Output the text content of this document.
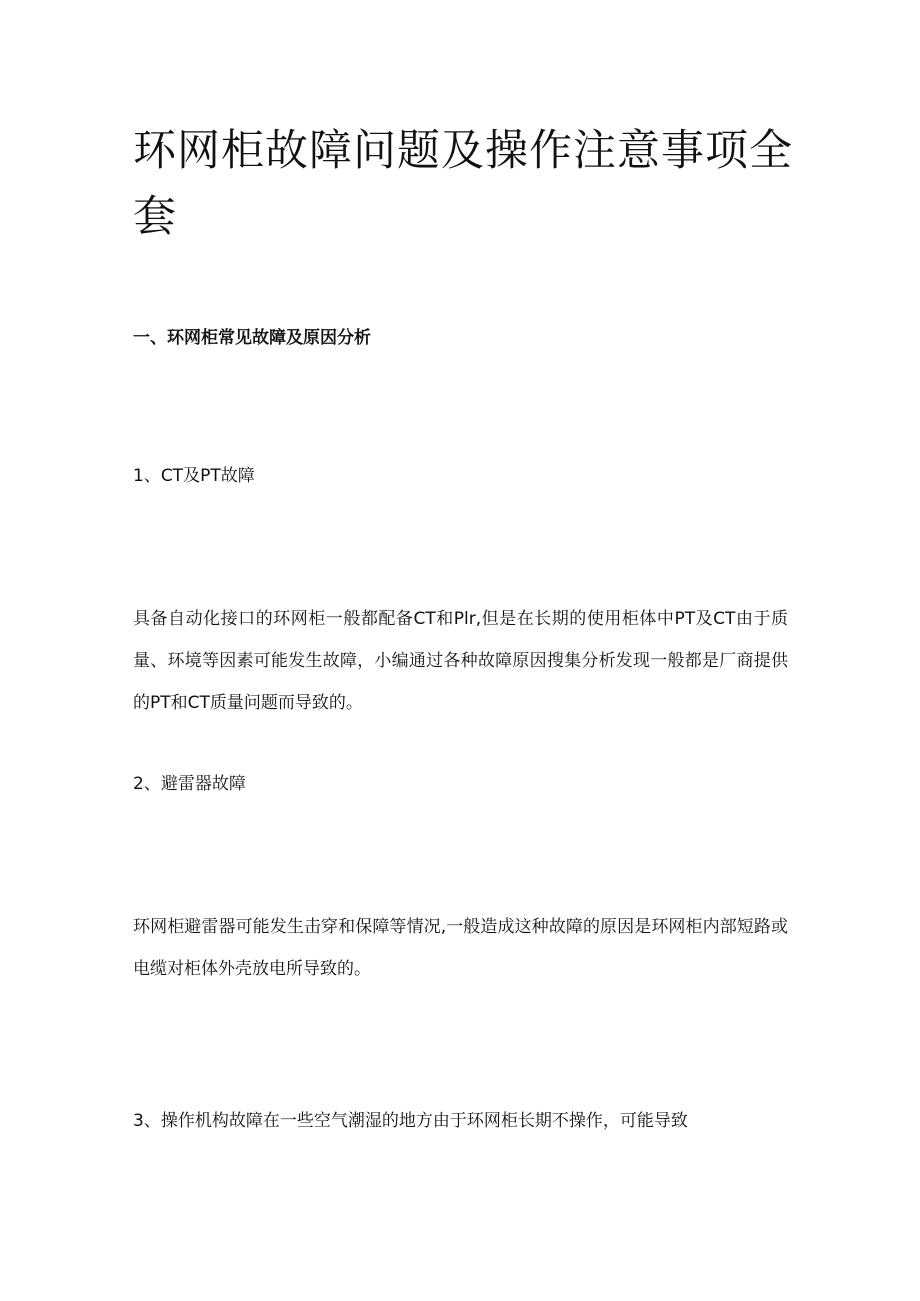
环网柜故障问题及操作注意事项全套

一、环网柜常见故障及原因分析

1、CT及PT故障

具备自动化接口的环网柜一般都配备CT和Plr,但是在长期的使用柜体中PT及CT由于质量、环境等因素可能发生故障，小编通过各种故障原因搜集分析发现一般都是厂商提供的PT和CT质量问题而导致的。

2、避雷器故障

环网柜避雷器可能发生击穿和保障等情况,一般造成这种故障的原因是环网柜内部短路或电缆对柜体外壳放电所导致的。

3、操作机构故障在一些空气潮湿的地方由于环网柜长期不操作，可能导致
